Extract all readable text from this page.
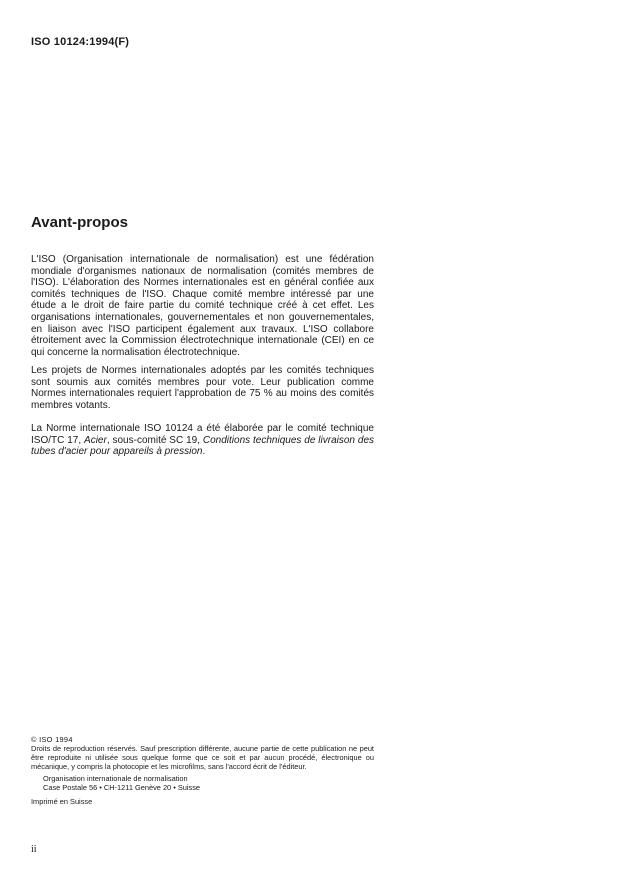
ISO 10124:1994(F)
Avant-propos

L'ISO (Organisation internationale de normalisation) est une fédération mondiale d'organismes nationaux de normalisation (comités membres de l'ISO). L'élaboration des Normes internationales est en général confiée aux comités techniques de l'ISO. Chaque comité membre intéressé par une étude a le droit de faire partie du comité technique créé à cet effet. Les organisations internationales, gouvernementales et non gouvernementales, en liaison avec l'ISO participent également aux travaux. L'ISO collabore étroitement avec la Commission électrotechnique internationale (CEI) en ce qui concerne la normalisation électrotechnique.

Les projets de Normes internationales adoptés par les comités techniques sont soumis aux comités membres pour vote. Leur publication comme Normes internationales requiert l'approbation de 75 % au moins des comités membres votants.

La Norme internationale ISO 10124 a été élaborée par le comité technique ISO/TC 17, Acier, sous-comité SC 19, Conditions techniques de livraison des tubes d'acier pour appareils à pression.

© ISO 1994

Droits de reproduction réservés. Sauf prescription différente, aucune partie de cette publication ne peut être reproduite ni utilisée sous quelque forme que ce soit et par aucun procédé, électronique ou mécanique, y compris la photocopie et les microfilms, sans l'accord écrit de l'éditeur.

Organisation internationale de normalisation

Case Postale 56 • CH-1211 Genève 20 • Suisse

Imprimé en Suisse

ii
